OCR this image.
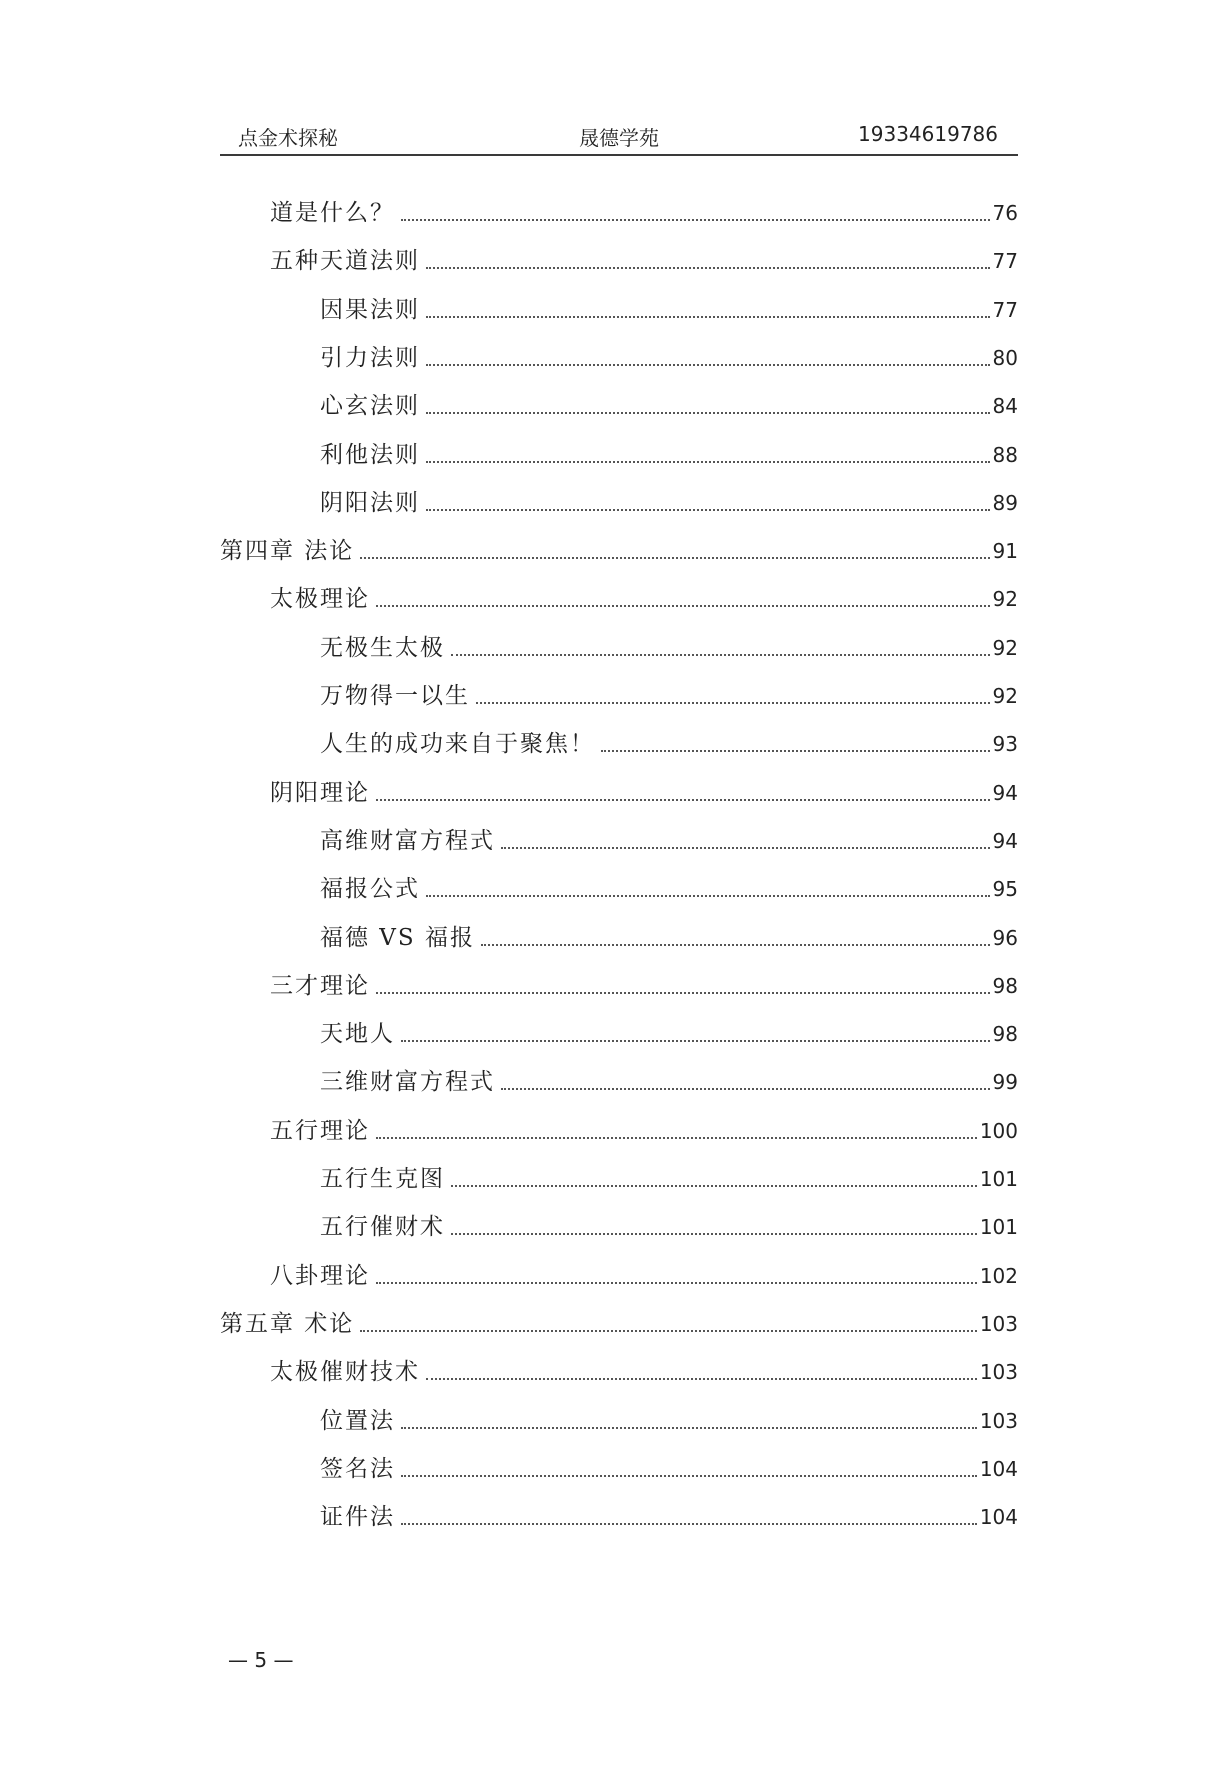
点金术探秘	晟德学苑	19334619786
道是什么？	76
五种天道法则	77
因果法则	77
引力法则	80
心玄法则	84
利他法则	88
阴阳法则	89
第四章 法论	91
太极理论	92
无极生太极	92
万物得一以生	92
人生的成功来自于聚焦！	93
阴阳理论	94
高维财富方程式	94
福报公式	95
福德 VS 福报	96
三才理论	98
天地人	98
三维财富方程式	99
五行理论	100
五行生克图	101
五行催财术	101
八卦理论	102
第五章 术论	103
太极催财技术	103
位置法	103
签名法	104
证件法	104
— 5 —
